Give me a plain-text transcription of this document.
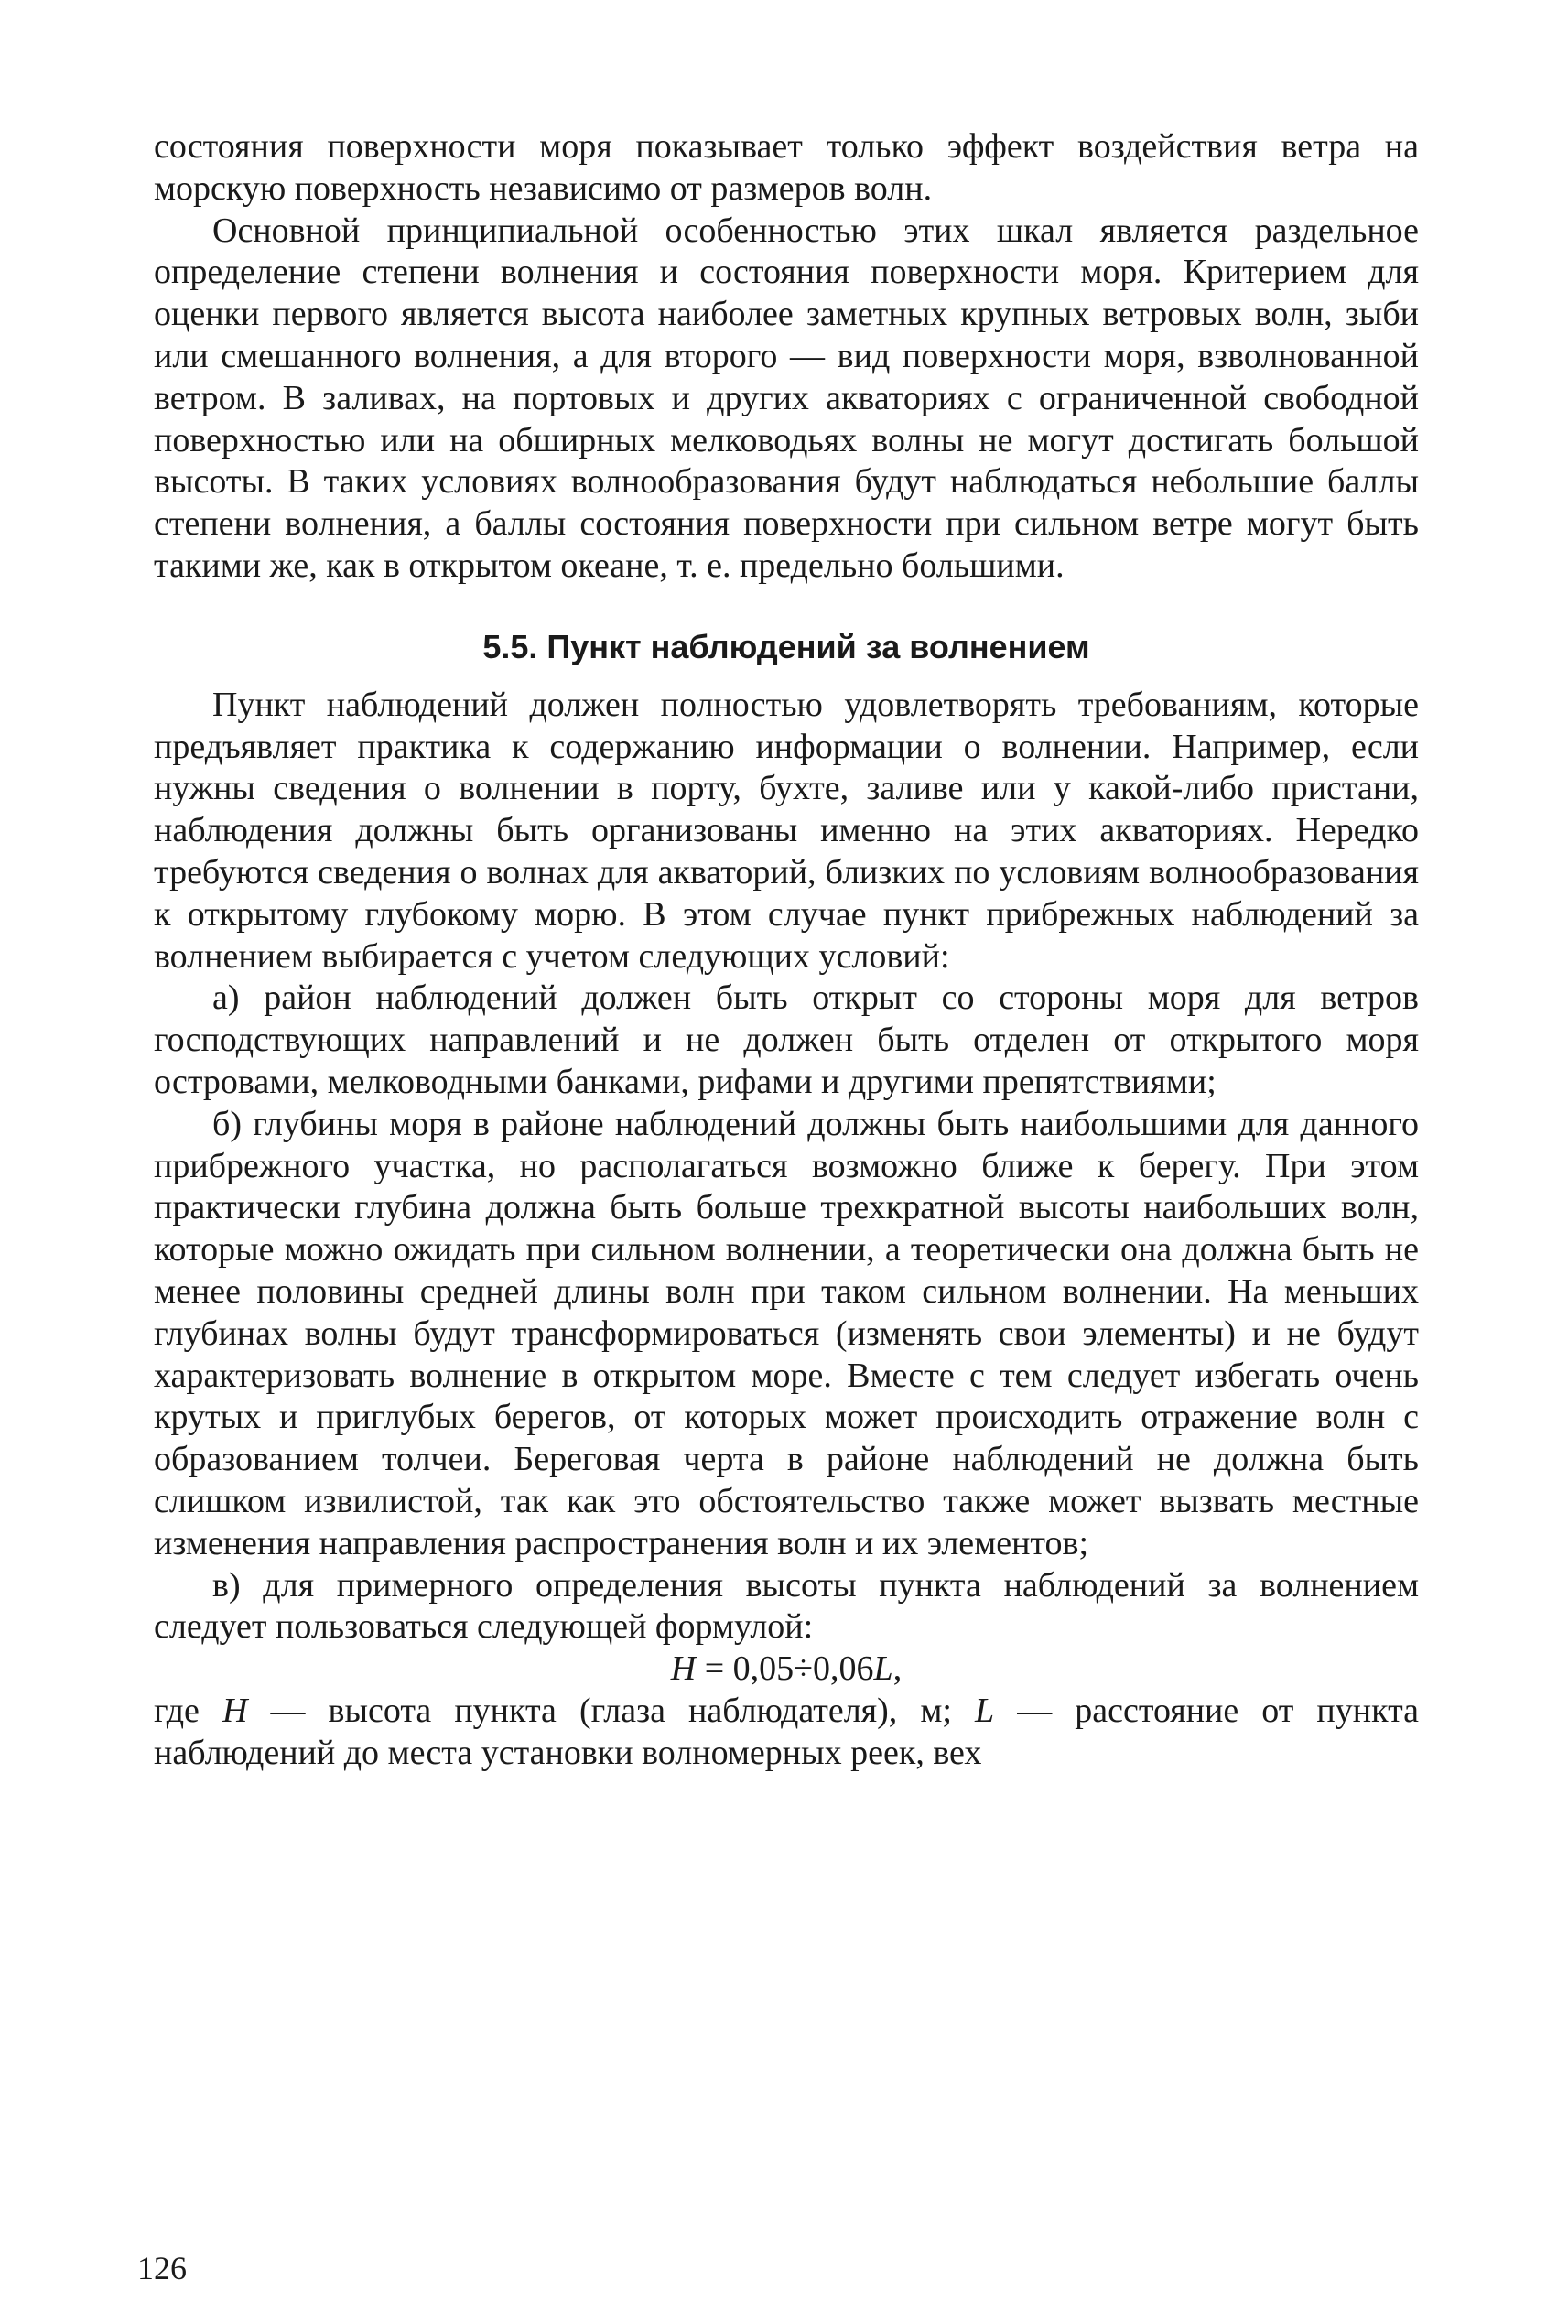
состояния поверхности моря показывает только эффект воздействия ветра на морскую поверхность независимо от размеров волн.

Основной принципиальной особенностью этих шкал является раздельное определение степени волнения и состояния поверхности моря. Критерием для оценки первого является высота наиболее заметных крупных ветровых волн, зыби или смешанного волнения, а для второго — вид поверхности моря, взволнованной ветром. В заливах, на портовых и других акваториях с ограниченной свободной поверхностью или на обширных мелководьях волны не могут достигать большой высоты. В таких условиях волнообразования будут наблюдаться небольшие баллы степени волнения, а баллы состояния поверхности при сильном ветре могут быть такими же, как в открытом океане, т. е. предельно большими.

5.5. Пункт наблюдений за волнением

Пункт наблюдений должен полностью удовлетворять требованиям, которые предъявляет практика к содержанию информации о волнении. Например, если нужны сведения о волнении в порту, бухте, заливе или у какой-либо пристани, наблюдения должны быть организованы именно на этих акваториях. Нередко требуются сведения о волнах для акваторий, близких по условиям волнообразования к открытому глубокому морю. В этом случае пункт прибрежных наблюдений за волнением выбирается с учетом следующих условий:

а) район наблюдений должен быть открыт со стороны моря для ветров господствующих направлений и не должен быть отделен от открытого моря островами, мелководными банками, рифами и другими препятствиями;

б) глубины моря в районе наблюдений должны быть наибольшими для данного прибрежного участка, но располагаться возможно ближе к берегу. При этом практически глубина должна быть больше трехкратной высоты наибольших волн, которые можно ожидать при сильном волнении, а теоретически она должна быть не менее половины средней длины волн при таком сильном волнении. На меньших глубинах волны будут трансформироваться (изменять свои элементы) и не будут характеризовать волнение в открытом море. Вместе с тем следует избегать очень крутых и приглубых берегов, от которых может происходить отражение волн с образованием толчеи. Береговая черта в районе наблюдений не должна быть слишком извилистой, так как это обстоятельство также может вызвать местные изменения направления распространения волн и их элементов;

в) для примерного определения высоты пункта наблюдений за волнением следует пользоваться следующей формулой:

H = 0,05÷0,06L,

где H — высота пункта (глаза наблюдателя), м; L — расстояние от пункта наблюдений до места установки волномерных реек, вех

126
